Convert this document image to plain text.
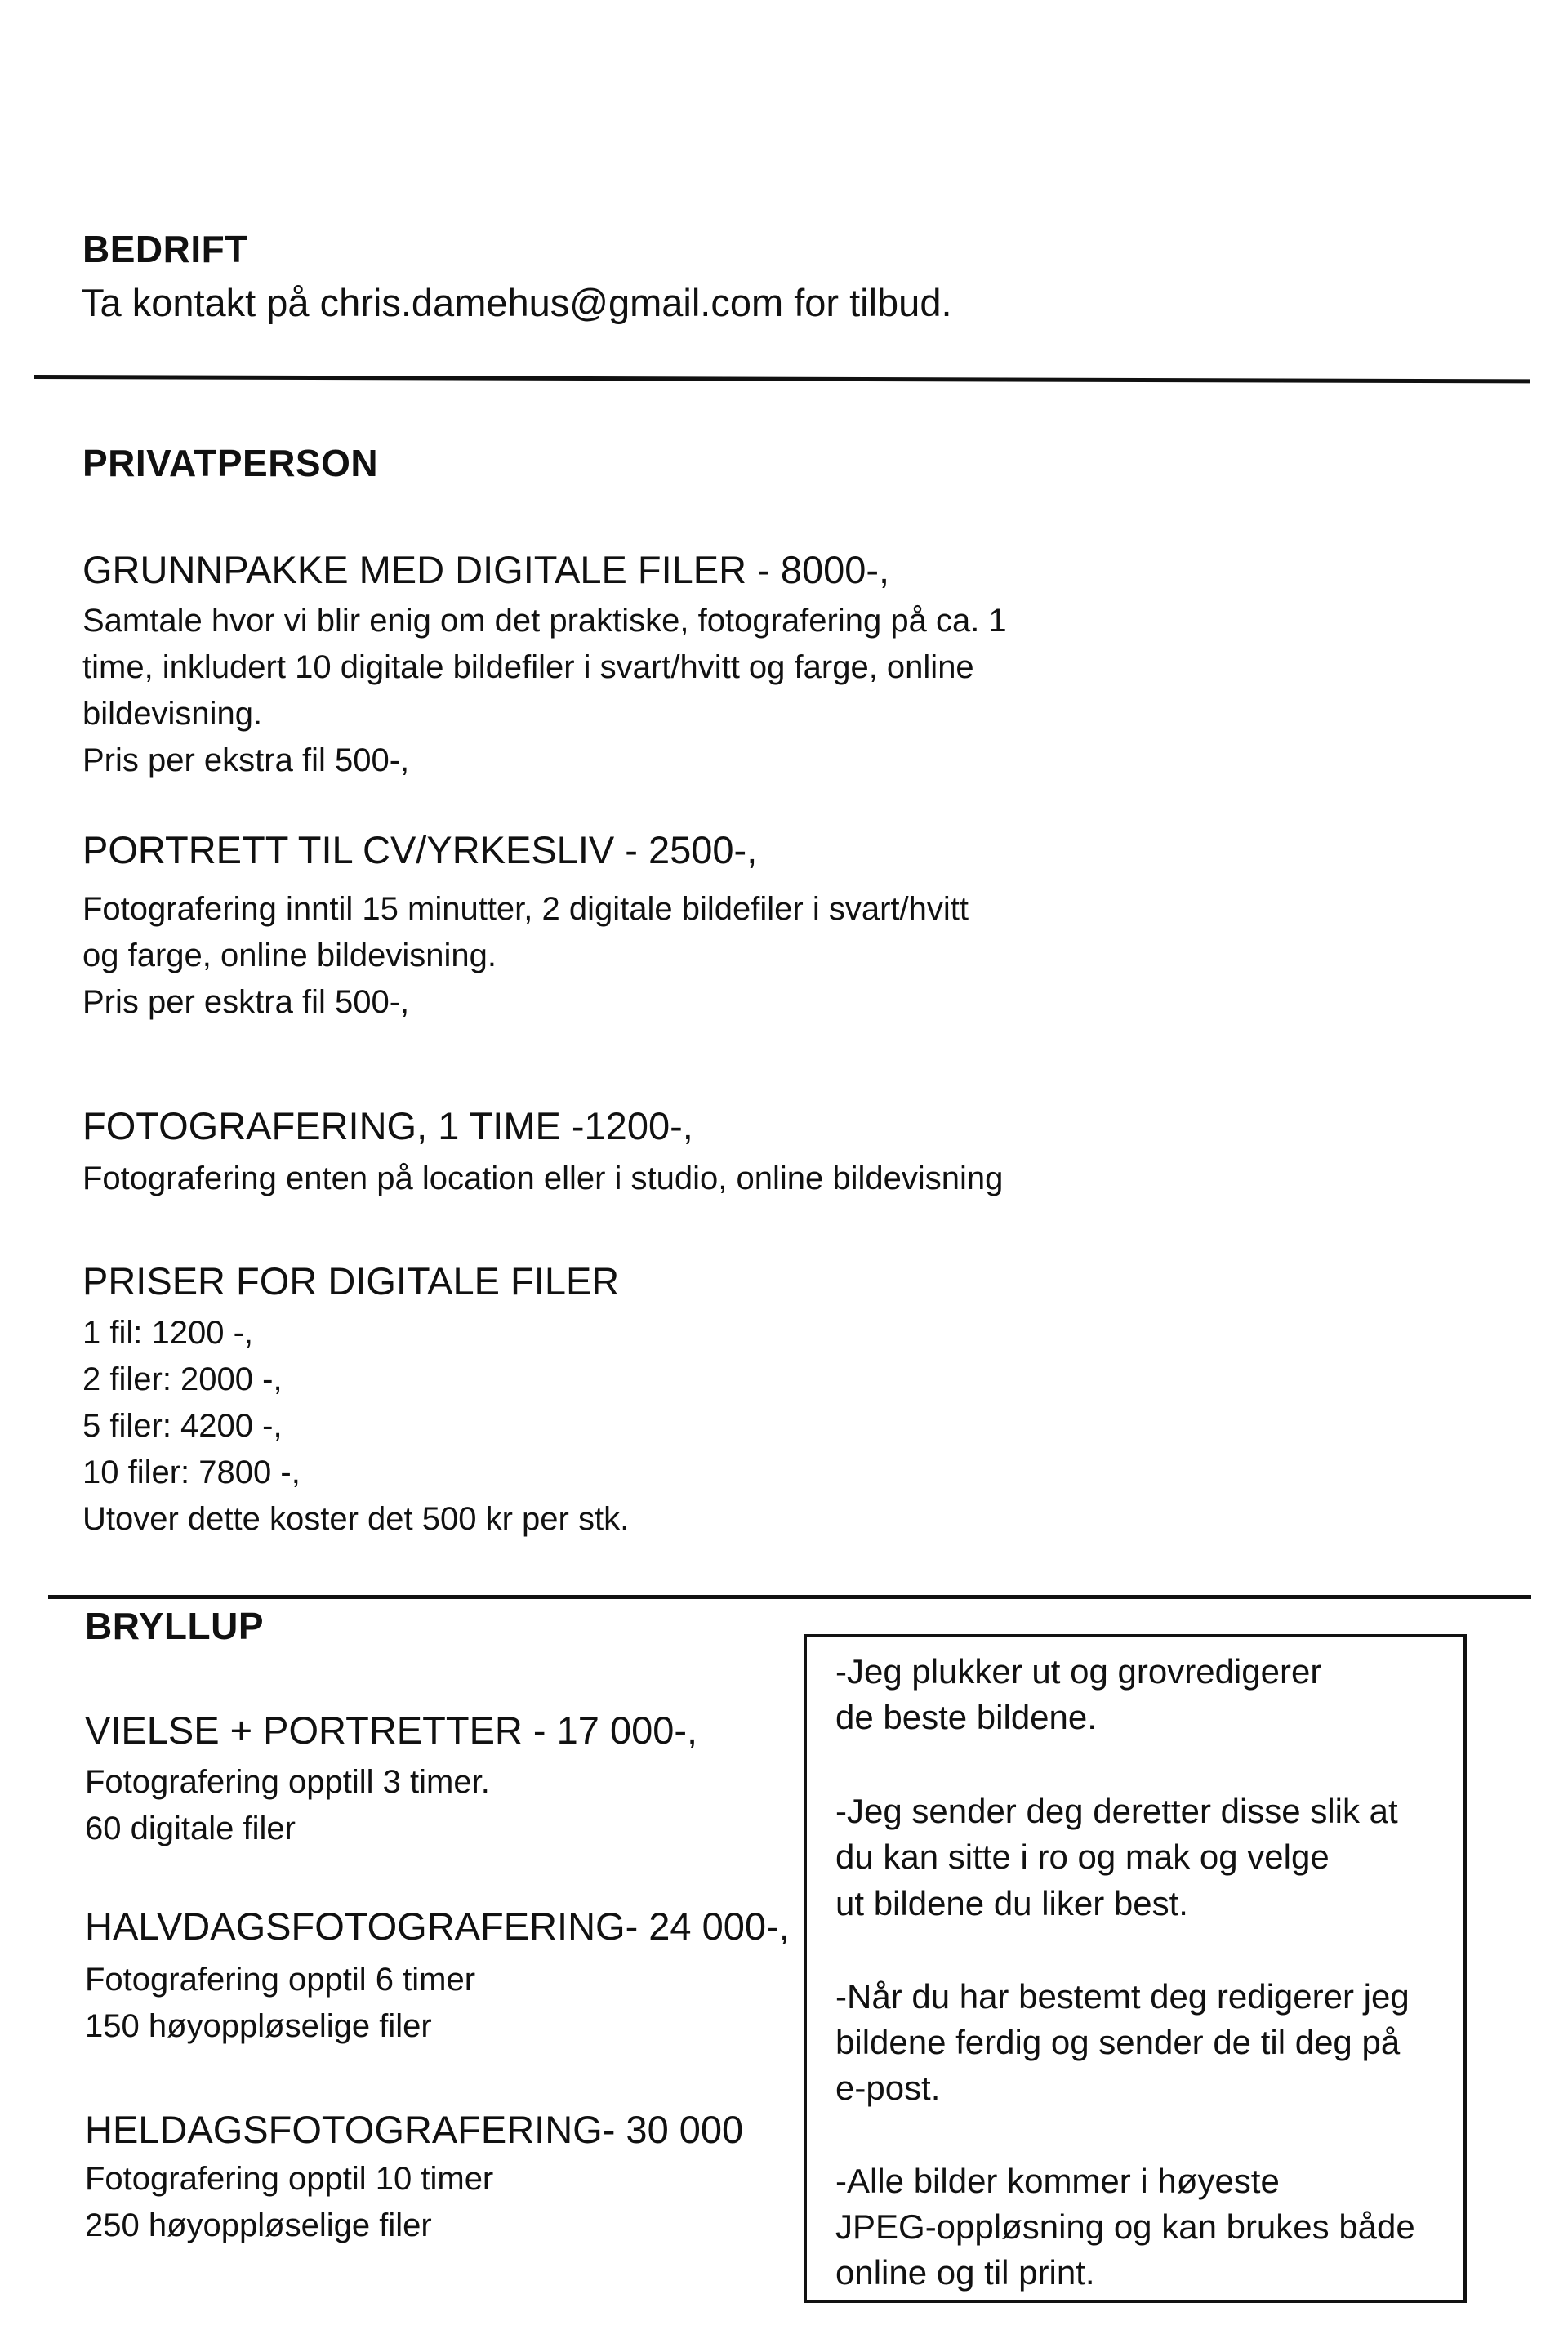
BEDRIFT
Ta kontakt på chris.damehus@gmail.com for tilbud.
PRIVATPERSON
GRUNNPAKKE MED DIGITALE FILER - 8000-,
Samtale hvor vi blir enig om det praktiske, fotografering på ca. 1
time, inkludert 10 digitale bildefiler i svart/hvitt og farge, online
bildevisning.
Pris per ekstra fil 500-,
PORTRETT TIL CV/YRKESLIV - 2500-,
Fotografering inntil 15 minutter, 2 digitale bildefiler i svart/hvitt
og farge, online bildevisning.
Pris per esktra fil 500-,
FOTOGRAFERING, 1 TIME -1200-,
Fotografering enten på location eller i studio, online bildevisning
PRISER FOR DIGITALE FILER
1 fil: 1200 -,
2 filer: 2000 -,
5 filer: 4200 -,
10 filer: 7800 -,
Utover dette koster det 500 kr per stk.
BRYLLUP
VIELSE + PORTRETTER - 17 000-,
Fotografering opptill 3 timer.
60 digitale filer
HALVDAGSFOTOGRAFERING- 24 000-,
Fotografering opptil 6 timer
150 høyoppløselige filer
HELDAGSFOTOGRAFERING- 30 000
Fotografering opptil 10 timer
250 høyoppløselige filer
-Jeg plukker ut og grovredigerer
de beste bildene.
-Jeg sender deg deretter disse slik at
du kan sitte i ro og mak og velge
ut bildene du liker best.
-Når du har bestemt deg redigerer jeg
bildene ferdig og sender de til deg på
e-post.
-Alle bilder kommer i høyeste
JPEG-oppløsning og kan brukes både
online og til print.
